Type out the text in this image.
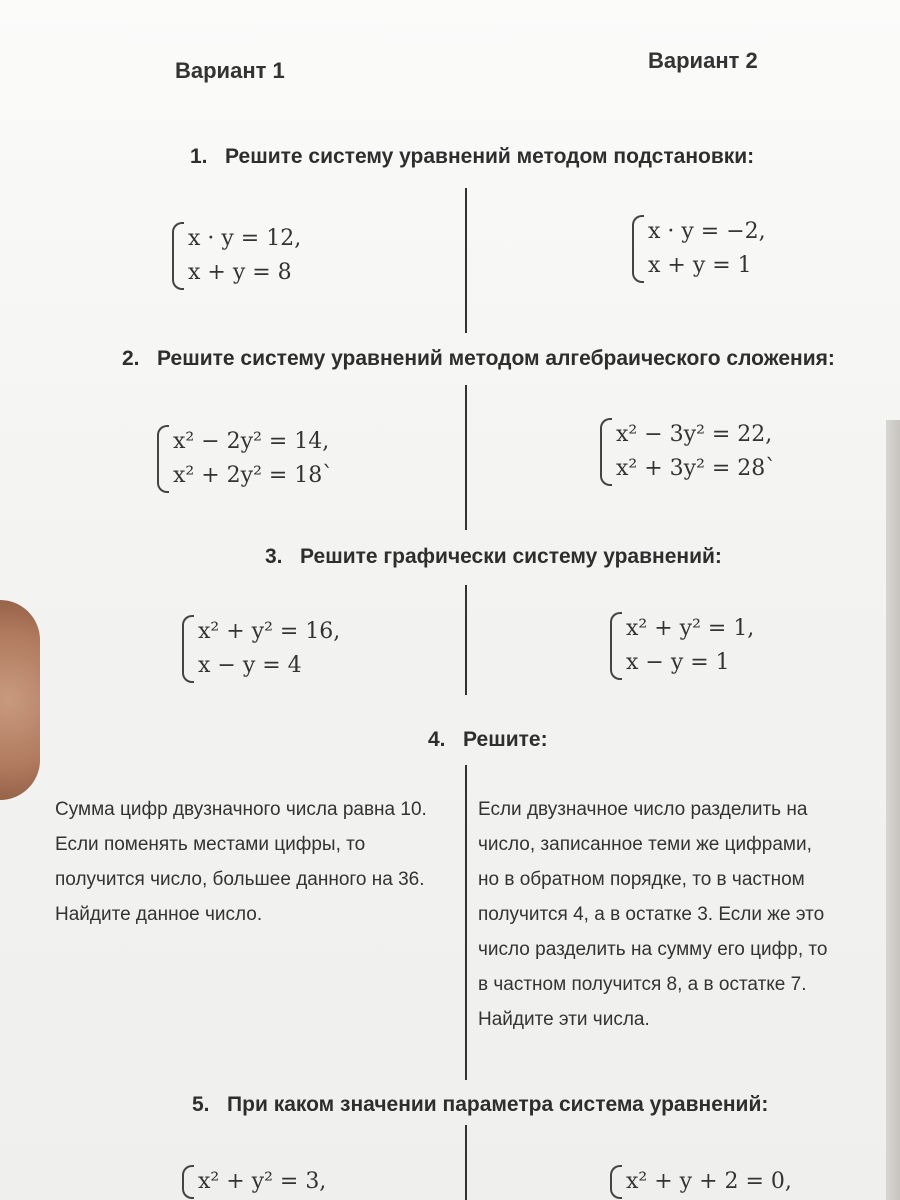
Вариант 1	Вариант 2
1. Решите систему уравнений методом подстановки:
x · y = 12,
x + y = 8
x · y = −2,
x + y = 1
2. Решите систему уравнений методом алгебраического сложения:
x² − 2y² = 14,
x² + 2y² = 18`
x² − 3y² = 22,
x² + 3y² = 28`
3. Решите графически систему уравнений:
x² + y² = 16,
x − y = 4
x² + y² = 1,
x − y = 1
4. Решите:
Сумма цифр двузначного числа равна 10.
Если поменять местами цифры, то
получится число, большее данного на 36.
Найдите данное число.
Если двузначное число разделить на
число, записанное теми же цифрами,
но в обратном порядке, то в частном
получится 4, а в остатке 3. Если же это
число разделить на сумму его цифр, то
в частном получится 8, а в остатке 7.
Найдите эти числа.
5. При каком значении параметра система уравнений:
x² + y² = 3,	x² + y + 2 = 0,
